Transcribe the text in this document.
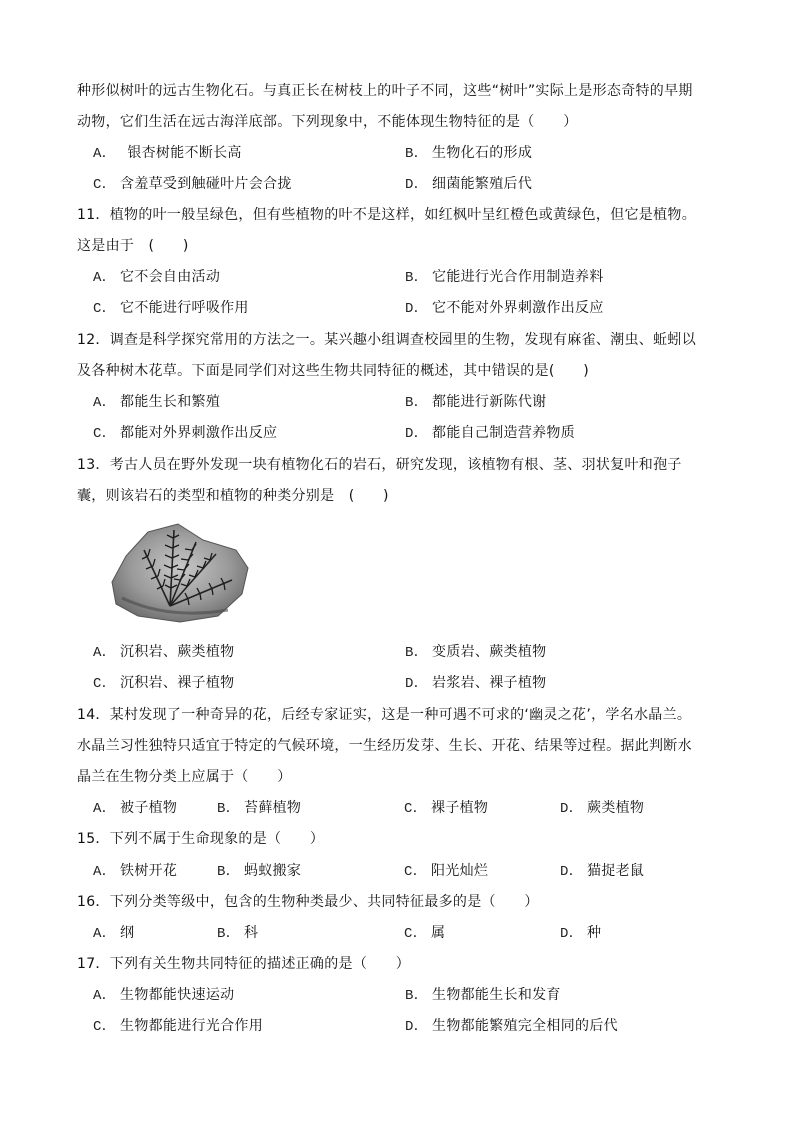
种形似树叶的远古生物化石。与真正长在树枝上的叶子不同，这些“树叶”实际上是形态奇特的早期
动物，它们生活在远古海洋底部。下列现象中，不能体现生物特征的是（　　）
A．　银杏树能不断长高	B． 生物化石的形成
C． 含羞草受到触碰叶片会合拢	D． 细菌能繁殖后代
11．植物的叶一般呈绿色，但有些植物的叶不是这样，如红枫叶呈红橙色或黄绿色，但它是植物。
这是由于　(　　)
A． 它不会自由活动	B． 它能进行光合作用制造养料
C． 它不能进行呼吸作用	D． 它不能对外界刺激作出反应
12．调查是科学探究常用的方法之一。某兴趣小组调查校园里的生物，发现有麻雀、潮虫、蚯蚓以
及各种树木花草。下面是同学们对这些生物共同特征的概述，其中错误的是(　　)
A． 都能生长和繁殖	B． 都能进行新陈代谢
C． 都能对外界刺激作出反应	D． 都能自己制造营养物质
13．考古人员在野外发现一块有植物化石的岩石，研究发现，该植物有根、茎、羽状复叶和孢子
囊，则该岩石的类型和植物的种类分别是　(　　)
A． 沉积岩、蕨类植物	B． 变质岩、蕨类植物
C． 沉积岩、裸子植物	D． 岩浆岩、裸子植物
14．某村发现了一种奇异的花，后经专家证实，这是一种可遇不可求的‘幽灵之花’，学名水晶兰。
水晶兰习性独特只适宜于特定的气候环境，一生经历发芽、生长、开花、结果等过程。据此判断水
晶兰在生物分类上应属于（　　）
A． 被子植物	B． 苔藓植物	C． 裸子植物	D． 蕨类植物
15．下列不属于生命现象的是（　　）
A． 铁树开花	B． 蚂蚁搬家	C． 阳光灿烂	D． 猫捉老鼠
16．下列分类等级中，包含的生物种类最少、共同特征最多的是（　　）
A． 纲	B． 科	C． 属	D． 种
17．下列有关生物共同特征的描述正确的是（　　）
A． 生物都能快速运动	B． 生物都能生长和发育
C． 生物都能进行光合作用	D． 生物都能繁殖完全相同的后代
